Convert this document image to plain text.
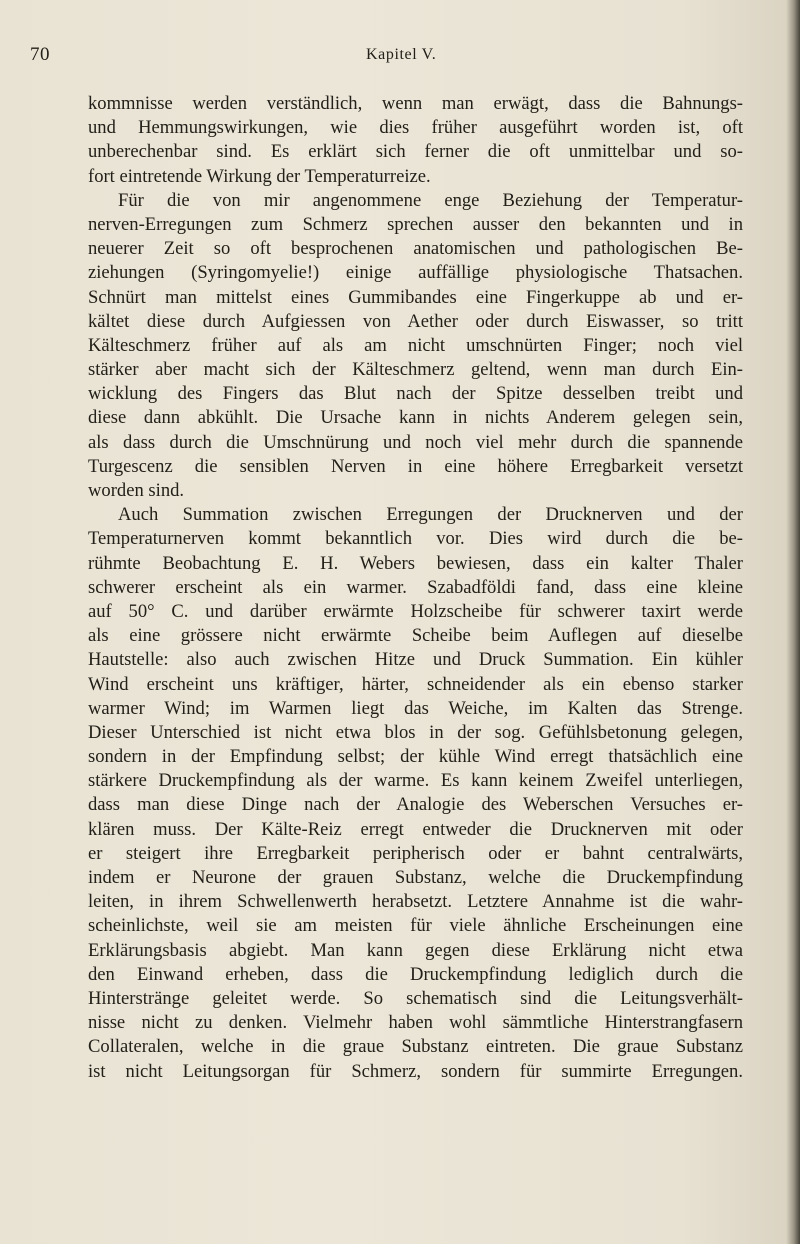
70	Kapitel V.
kommnisse werden verständlich, wenn man erwägt, dass die Bahnungs-
und Hemmungswirkungen, wie dies früher ausgeführt worden ist, oft
unberechenbar sind. Es erklärt sich ferner die oft unmittelbar und so-
fort eintretende Wirkung der Temperaturreize.
Für die von mir angenommene enge Beziehung der Temperatur-
nerven-Erregungen zum Schmerz sprechen ausser den bekannten und in
neuerer Zeit so oft besprochenen anatomischen und pathologischen Be-
ziehungen (Syringomyelie!) einige auffällige physiologische Thatsachen.
Schnürt man mittelst eines Gummibandes eine Fingerkuppe ab und er-
kältet diese durch Aufgiessen von Aether oder durch Eiswasser, so tritt
Kälteschmerz früher auf als am nicht umschnürten Finger; noch viel
stärker aber macht sich der Kälteschmerz geltend, wenn man durch Ein-
wicklung des Fingers das Blut nach der Spitze desselben treibt und
diese dann abkühlt. Die Ursache kann in nichts Anderem gelegen sein,
als dass durch die Umschnürung und noch viel mehr durch die spannende
Turgescenz die sensiblen Nerven in eine höhere Erregbarkeit versetzt
worden sind.
Auch Summation zwischen Erregungen der Drucknerven und der
Temperaturnerven kommt bekanntlich vor. Dies wird durch die be-
rühmte Beobachtung E. H. Webers bewiesen, dass ein kalter Thaler
schwerer erscheint als ein warmer. Szabadföldi fand, dass eine kleine
auf 50° C. und darüber erwärmte Holzscheibe für schwerer taxirt werde
als eine grössere nicht erwärmte Scheibe beim Auflegen auf dieselbe
Hautstelle: also auch zwischen Hitze und Druck Summation. Ein kühler
Wind erscheint uns kräftiger, härter, schneidender als ein ebenso starker
warmer Wind; im Warmen liegt das Weiche, im Kalten das Strenge.
Dieser Unterschied ist nicht etwa blos in der sog. Gefühlsbetonung gelegen,
sondern in der Empfindung selbst; der kühle Wind erregt thatsächlich eine
stärkere Druckempfindung als der warme. Es kann keinem Zweifel unterliegen,
dass man diese Dinge nach der Analogie des Weberschen Versuches er-
klären muss. Der Kälte-Reiz erregt entweder die Drucknerven mit oder
er steigert ihre Erregbarkeit peripherisch oder er bahnt centralwärts,
indem er Neurone der grauen Substanz, welche die Druckempfindung
leiten, in ihrem Schwellenwerth herabsetzt. Letztere Annahme ist die wahr-
scheinlichste, weil sie am meisten für viele ähnliche Erscheinungen eine
Erklärungsbasis abgiebt. Man kann gegen diese Erklärung nicht etwa
den Einwand erheben, dass die Druckempfindung lediglich durch die
Hinterstränge geleitet werde. So schematisch sind die Leitungsverhält-
nisse nicht zu denken. Vielmehr haben wohl sämmtliche Hinterstrangfasern
Collateralen, welche in die graue Substanz eintreten. Die graue Substanz
ist nicht Leitungsorgan für Schmerz, sondern für summirte Erregungen.
